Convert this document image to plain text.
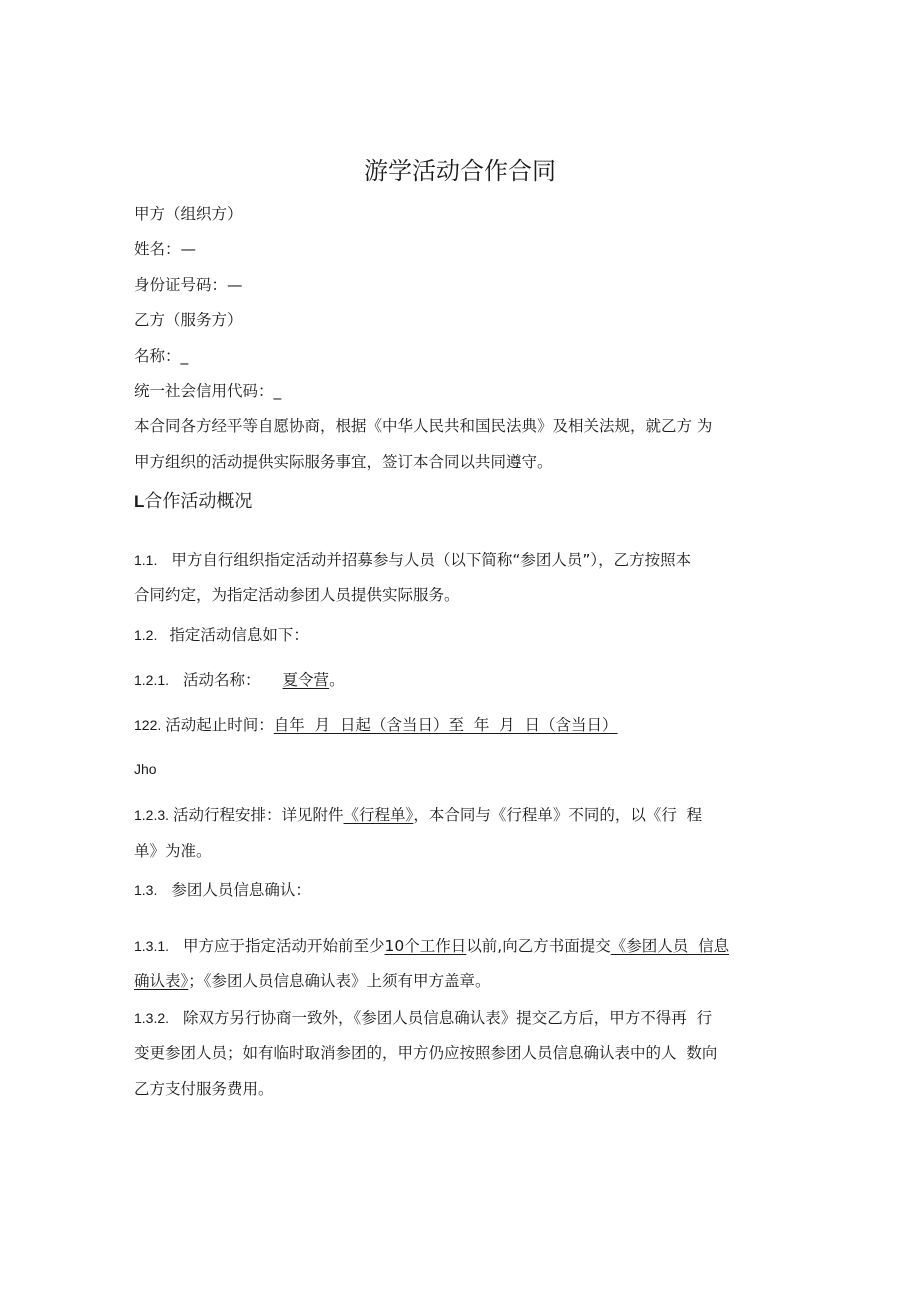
游学活动合作合同
甲方（组织方）
姓名：—
身份证号码：—
乙方（服务方）
名称：_
统一社会信用代码：_
本合同各方经平等自愿协商，根据《中华人民共和国民法典》及相关法规，就乙方 为
甲方组织的活动提供实际服务事宜，签订本合同以共同遵守。
L合作活动概况
1.1. 甲方自行组织指定活动并招募参与人员（以下简称“参团人员”），乙方按照本
合同约定，为指定活动参团人员提供实际服务。
1.2. 指定活动信息如下：
1.2.1. 活动名称： 夏令营。
122. 活动起止时间：自年  月  日起（含当日）至  年  月  日（含当日）
Jho
1.2.3. 活动行程安排：详见附件《行程单》，本合同与《行程单》不同的，以《行  程
单》为准。
1.3. 参团人员信息确认：
1.3.1. 甲方应于指定活动开始前至少10个工作日以前,向乙方书面提交《参团人员  信息
确认表》；《参团人员信息确认表》上须有甲方盖章。
1.3.2. 除双方另行协商一致外，《参团人员信息确认表》提交乙方后，甲方不得再  行
变更参团人员；如有临时取消参团的，甲方仍应按照参团人员信息确认表中的人  数向
乙方支付服务费用。
